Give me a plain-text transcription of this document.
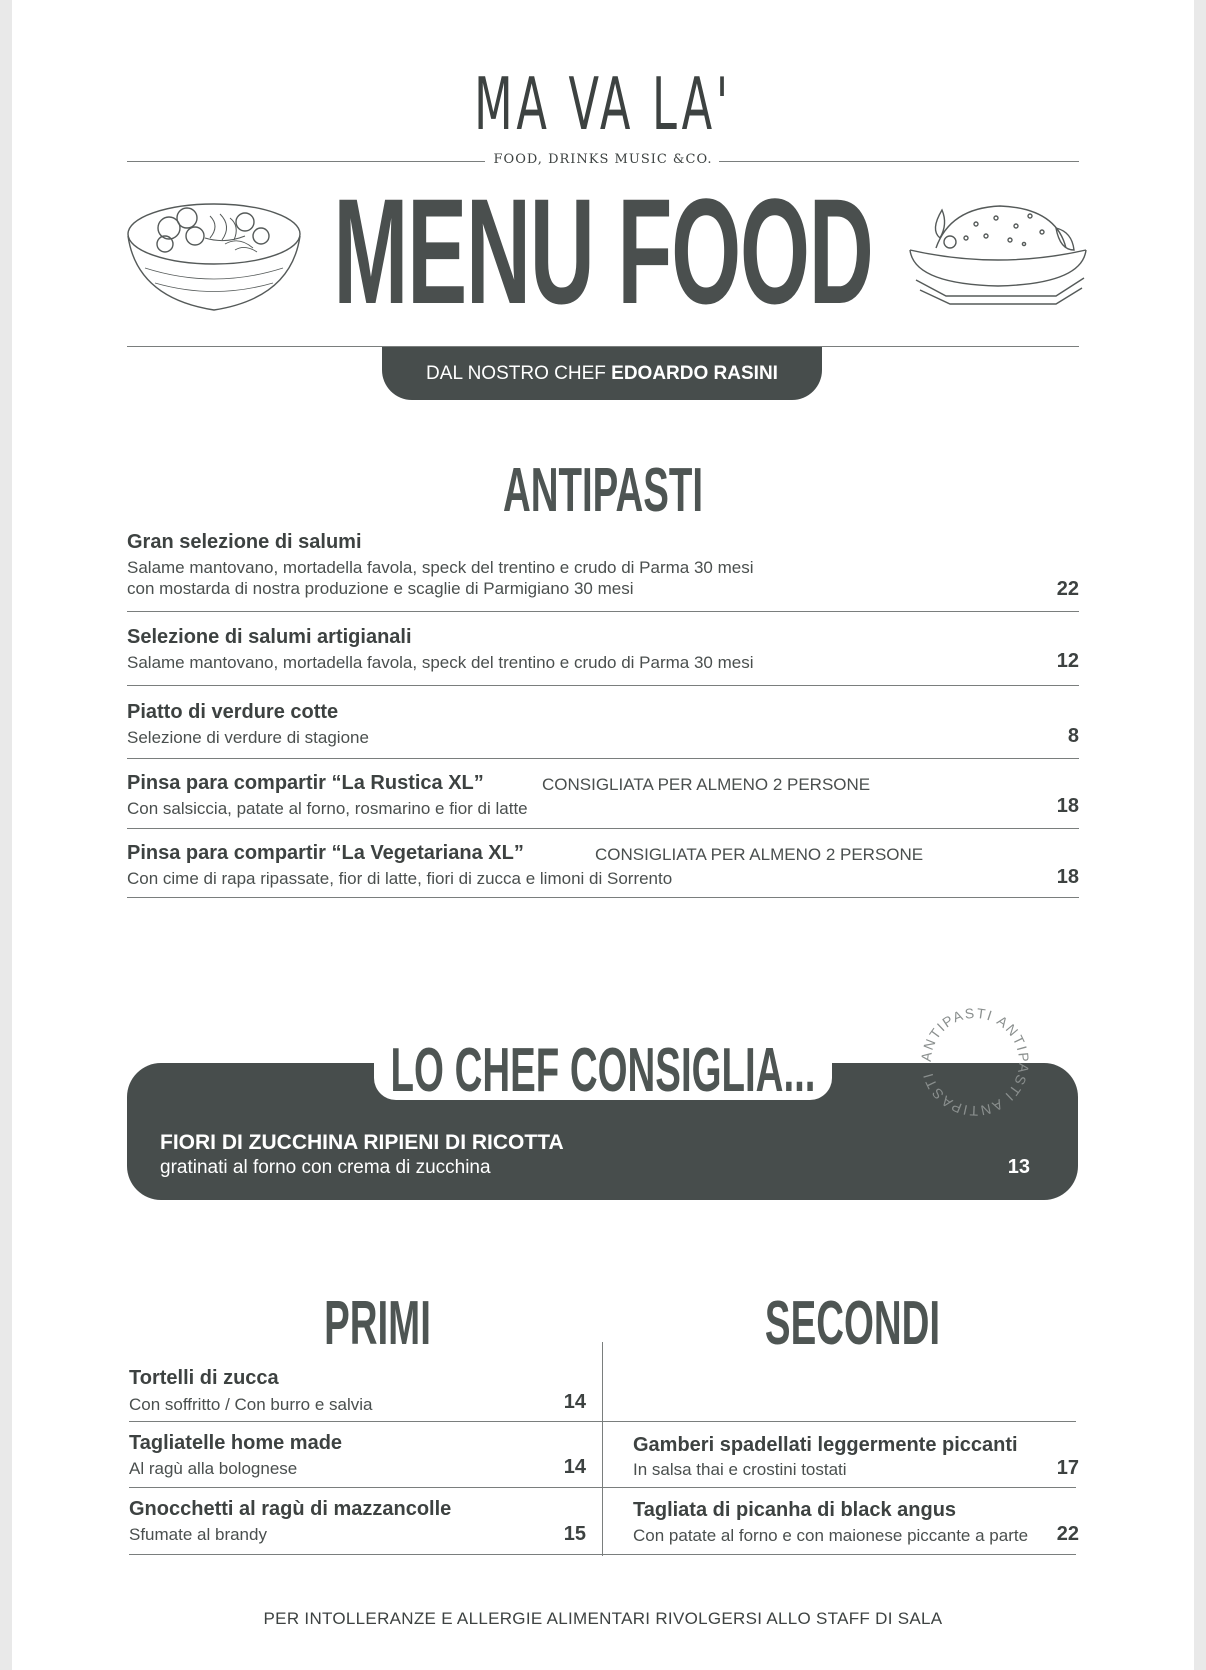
MA VA LA'
FOOD, DRINKS MUSIC &CO.
MENU FOOD
DAL NOSTRO CHEF EDOARDO RASINI
ANTIPASTI
Gran selezione di salumi
Salame mantovano, mortadella favola, speck del trentino e crudo di Parma 30 mesi
con mostarda di nostra produzione e scaglie di Parmigiano 30 mesi	22
Selezione di salumi artigianali
Salame mantovano, mortadella favola, speck del trentino e crudo di Parma 30 mesi	12
Piatto di verdure cotte
Selezione di verdure di stagione	8
Pinsa para compartir “La Rustica XL”	CONSIGLIATA PER ALMENO 2 PERSONE
Con salsiccia, patate al forno, rosmarino e fior di latte	18
Pinsa para compartir “La Vegetariana XL”	CONSIGLIATA PER ALMENO 2 PERSONE
Con cime di rapa ripassate, fior di latte, fiori di zucca e limoni di Sorrento	18
LO CHEF CONSIGLIA...
FIORI DI ZUCCHINA RIPIENI DI RICOTTA
gratinati al forno con crema di zucchina	13
ANTIPASTI ANTIPASTI ANTIPASTI
PRIMI	SECONDI
Tortelli di zucca
Con soffritto / Con burro e salvia	14
Tagliatelle home made
Al ragù alla bolognese	14
Gnocchetti al ragù di mazzancolle
Sfumate al brandy	15
Gamberi spadellati leggermente piccanti
In salsa thai e crostini tostati	17
Tagliata di picanha di black angus
Con patate al forno e con maionese piccante a parte	22
PER INTOLLERANZE E ALLERGIE ALIMENTARI RIVOLGERSI ALLO STAFF DI SALA
